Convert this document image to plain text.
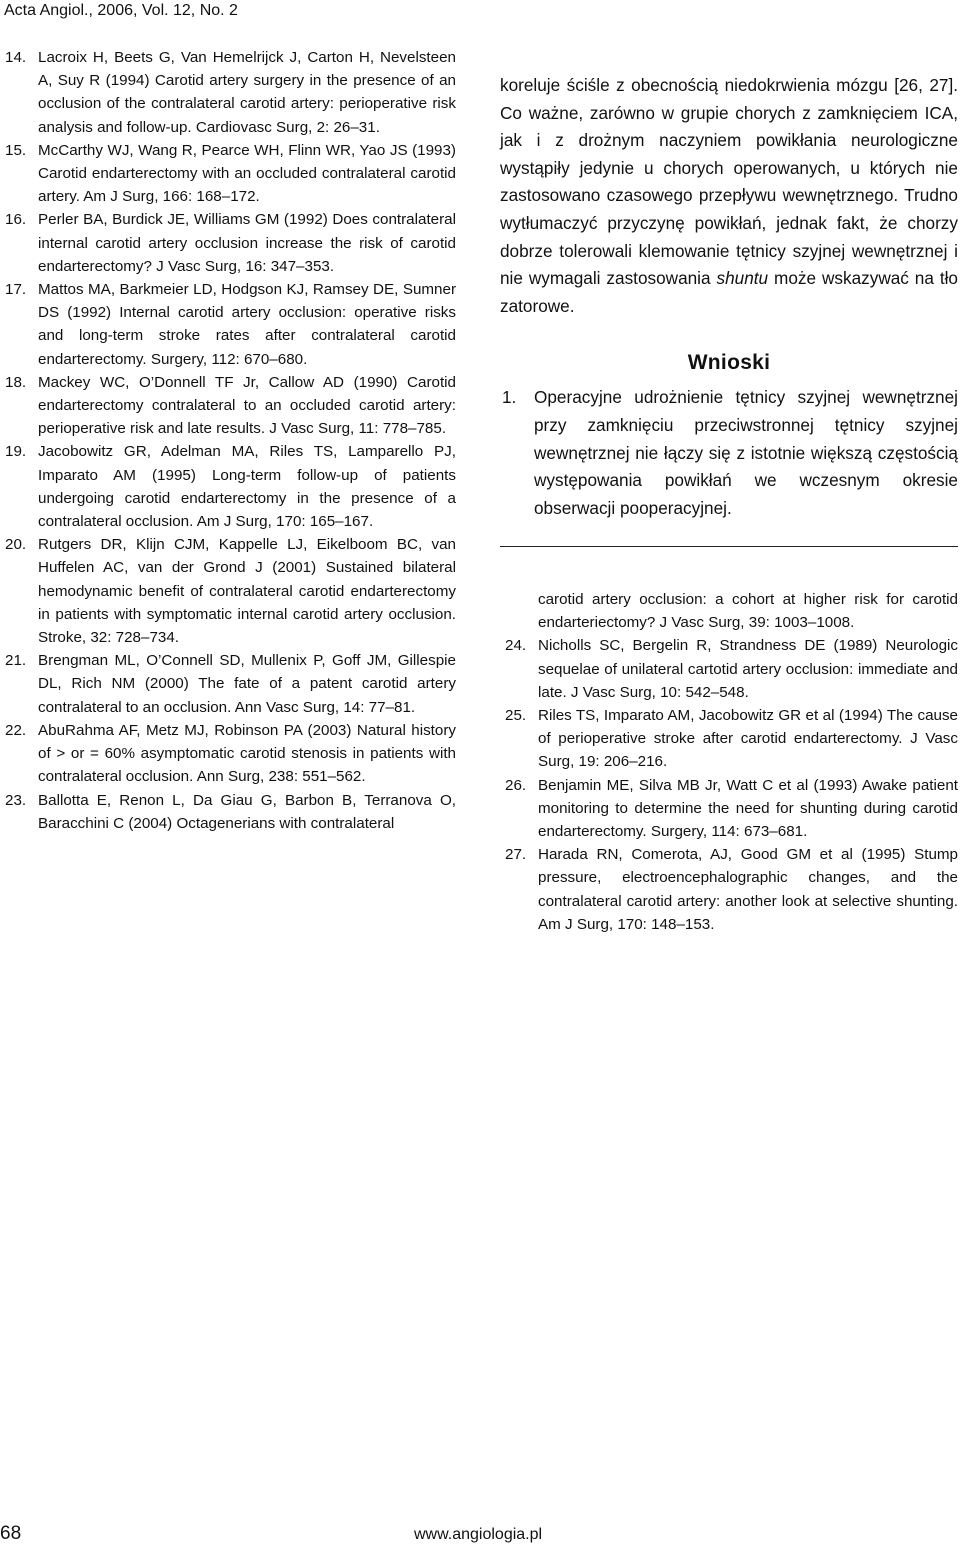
Acta Angiol., 2006, Vol. 12, No. 2
14. Lacroix H, Beets G, Van Hemelrijck J, Carton H, Nevelsteen A, Suy R (1994) Carotid artery surgery in the presence of an occlusion of the contralateral carotid artery: perioperative risk analysis and follow-up. Cardiovasc Surg, 2: 26–31.
15. McCarthy WJ, Wang R, Pearce WH, Flinn WR, Yao JS (1993) Carotid endarterectomy with an occluded contralateral carotid artery. Am J Surg, 166: 168–172.
16. Perler BA, Burdick JE, Williams GM (1992) Does contralateral internal carotid artery occlusion increase the risk of carotid endarterectomy? J Vasc Surg, 16: 347–353.
17. Mattos MA, Barkmeier LD, Hodgson KJ, Ramsey DE, Sumner DS (1992) Internal carotid artery occlusion: operative risks and long-term stroke rates after contralateral carotid endarterectomy. Surgery, 112: 670–680.
18. Mackey WC, O’Donnell TF Jr, Callow AD (1990) Carotid endarterectomy contralateral to an occluded carotid artery: perioperative risk and late results. J Vasc Surg, 11: 778–785.
19. Jacobowitz GR, Adelman MA, Riles TS, Lamparello PJ, Imparato AM (1995) Long-term follow-up of patients undergoing carotid endarterectomy in the presence of a contralateral occlusion. Am J Surg, 170: 165–167.
20. Rutgers DR, Klijn CJM, Kappelle LJ, Eikelboom BC, van Huffelen AC, van der Grond J (2001) Sustained bilateral hemodynamic benefit of contralateral carotid endarterectomy in patients with symptomatic internal carotid artery occlusion. Stroke, 32: 728–734.
21. Brengman ML, O’Connell SD, Mullenix P, Goff JM, Gillespie DL, Rich NM (2000) The fate of a patent carotid artery contralateral to an occlusion. Ann Vasc Surg, 14: 77–81.
22. AbuRahma AF, Metz MJ, Robinson PA (2003) Natural history of > or = 60% asymptomatic carotid stenosis in patients with contralateral occlusion. Ann Surg, 238: 551–562.
23. Ballotta E, Renon L, Da Giau G, Barbon B, Terranova O, Baracchini C (2004) Octagenerians with contralateral

koreluje ściśle z obecnością niedokrwienia mózgu [26, 27]. Co ważne, zarówno w grupie chorych z zamknięciem ICA, jak i z drożnym naczyniem powikłania neurologiczne wystąpiły jedynie u chorych operowanych, u których nie zastosowano czasowego przepływu wewnętrznego. Trudno wytłumaczyć przyczynę powikłań, jednak fakt, że chorzy dobrze tolerowali klemowanie tętnicy szyjnej wewnętrznej i nie wymagali zastosowania shuntu może wskazywać na tło zatorowe.

Wnioski
1. Operacyjne udrożnienie tętnicy szyjnej wewnętrznej przy zamknięciu przeciwstronnej tętnicy szyjnej wewnętrznej nie łączy się z istotnie większą częstością występowania powikłań we wczesnym okresie obserwacji pooperacyjnej.
carotid artery occlusion: a cohort at higher risk for carotid endarteriectomy? J Vasc Surg, 39: 1003–1008.
24. Nicholls SC, Bergelin R, Strandness DE (1989) Neurologic sequelae of unilateral cartotid artery occlusion: immediate and late. J Vasc Surg, 10: 542–548.
25. Riles TS, Imparato AM, Jacobowitz GR et al (1994) The cause of perioperative stroke after carotid endarterectomy. J Vasc Surg, 19: 206–216.
26. Benjamin ME, Silva MB Jr, Watt C et al (1993) Awake patient monitoring to determine the need for shunting during carotid endarterectomy. Surgery, 114: 673–681.
27. Harada RN, Comerota, AJ, Good GM et al (1995) Stump pressure, electroencephalographic changes, and the contralateral carotid artery: another look at selective shunting. Am J Surg, 170: 148–153.
68	www.angiologia.pl
